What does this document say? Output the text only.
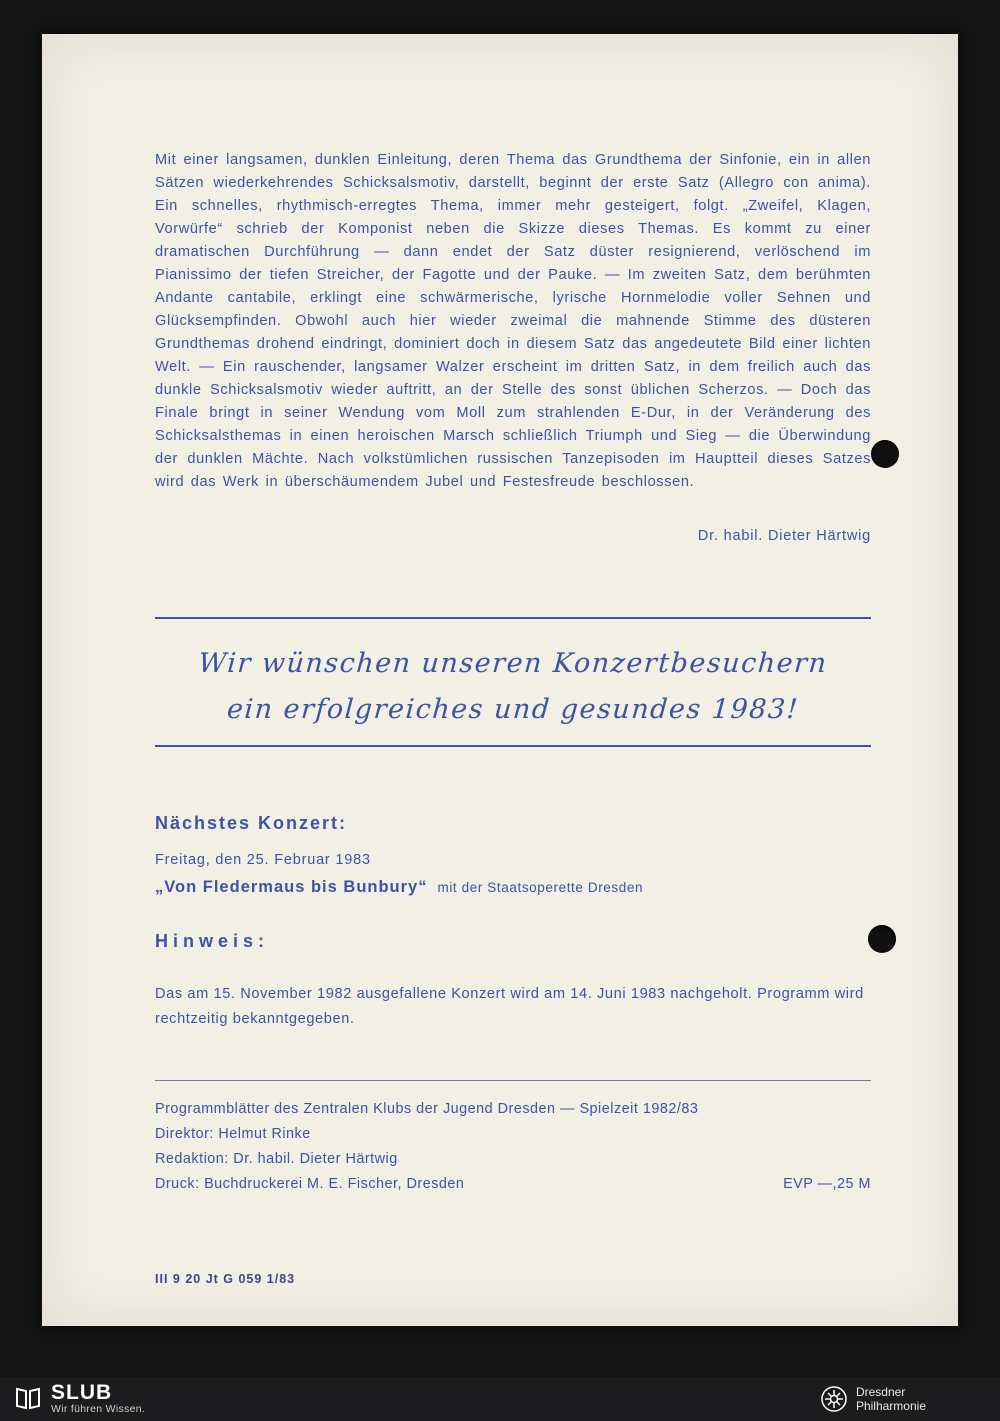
Mit einer langsamen, dunklen Einleitung, deren Thema das Grundthema der Sinfonie, ein in allen Sätzen wiederkehrendes Schicksalsmotiv, darstellt, beginnt der erste Satz (Allegro con anima). Ein schnelles, rhythmisch-erregtes Thema, immer mehr gesteigert, folgt. „Zweifel, Klagen, Vorwürfe“ schrieb der Komponist neben die Skizze dieses Themas. Es kommt zu einer dramatischen Durchführung — dann endet der Satz düster resignierend, verlöschend im Pianissimo der tiefen Streicher, der Fagotte und der Pauke. — Im zweiten Satz, dem berühmten Andante cantabile, erklingt eine schwärmerische, lyrische Hornmelodie voller Sehnen und Glücksempfinden. Obwohl auch hier wieder zweimal die mahnende Stimme des düsteren Grundthemas drohend eindringt, dominiert doch in diesem Satz das angedeutete Bild einer lichten Welt. — Ein rauschender, langsamer Walzer erscheint im dritten Satz, in dem freilich auch das dunkle Schicksalsmotiv wieder auftritt, an der Stelle des sonst üblichen Scherzos. — Doch das Finale bringt in seiner Wendung vom Moll zum strahlenden E-Dur, in der Veränderung des Schicksalsthemas in einen heroischen Marsch schließlich Triumph und Sieg — die Überwindung der dunklen Mächte. Nach volkstümlichen russischen Tanzepisoden im Hauptteil dieses Satzes wird das Werk in überschäumendem Jubel und Festesfreude beschlossen.

Dr. habil. Dieter Härtwig
Wir wünschen unseren Konzertbesuchern
ein erfolgreiches und gesundes 1983!
Nächstes Konzert:
Freitag, den 25. Februar 1983
„Von Fledermaus bis Bunbury“ mit der Staatsoperette Dresden
Hinweis:

Das am 15. November 1982 ausgefallene Konzert wird am 14. Juni 1983 nachgeholt. Programm wird rechtzeitig bekanntgegeben.

Programmblätter des Zentralen Klubs der Jugend Dresden — Spielzeit 1982/83
Direktor: Helmut Rinke
Redaktion: Dr. habil. Dieter Härtwig
Druck: Buchdruckerei M. E. Fischer, Dresden	EVP —,25 M
III 9 20 Jt G 059 1/83
SLUB
Wir führen Wissen.
Dresdner
Philharmonie
